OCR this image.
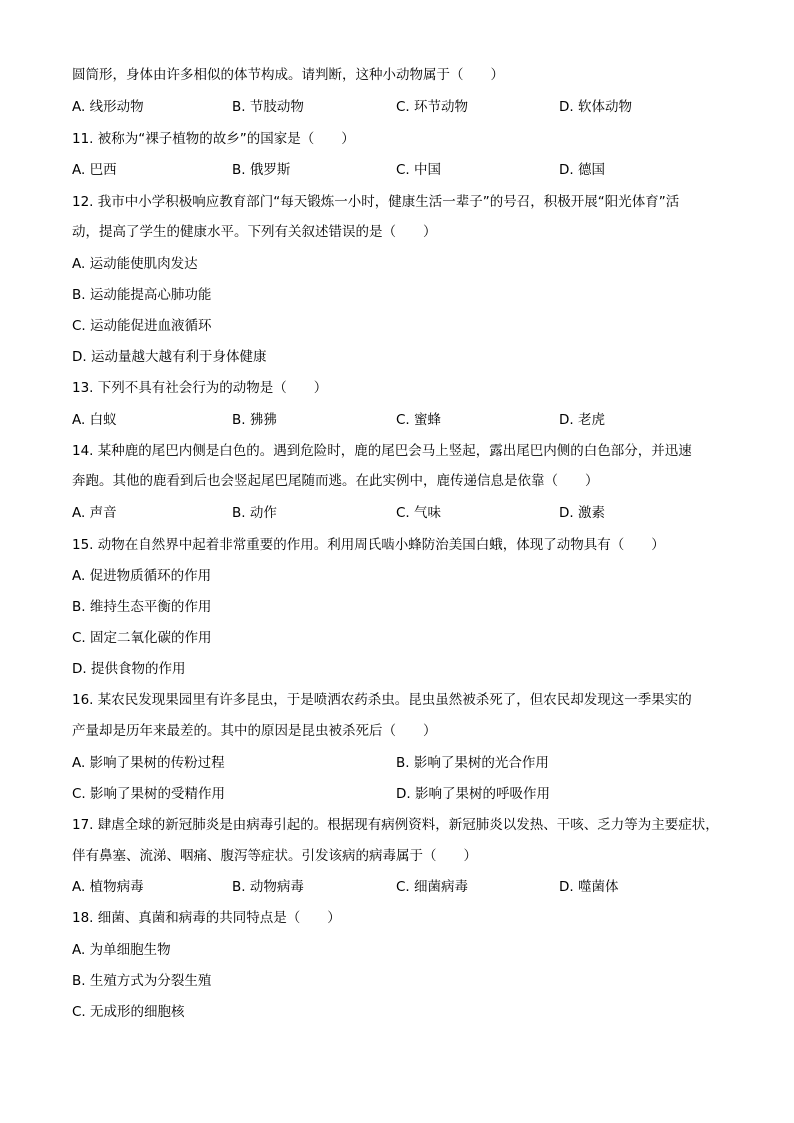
圆筒形，身体由许多相似的体节构成。请判断，这种小动物属于（　　）
A. 线形动物	B. 节肢动物	C. 环节动物	D. 软体动物
11. 被称为“裸子植物的故乡”的国家是（　　）
A. 巴西	B. 俄罗斯	C. 中国	D. 德国
12. 我市中小学积极响应教育部门“每天锻炼一小时，健康生活一辈子”的号召，积极开展“阳光体育”活
动，提高了学生的健康水平。下列有关叙述错误的是（　　）
A. 运动能使肌肉发达
B. 运动能提高心肺功能
C. 运动能促进血液循环
D. 运动量越大越有利于身体健康
13. 下列不具有社会行为的动物是（　　）
A. 白蚁	B. 狒狒	C. 蜜蜂	D. 老虎
14. 某种鹿的尾巴内侧是白色的。遇到危险时，鹿的尾巴会马上竖起，露出尾巴内侧的白色部分，并迅速
奔跑。其他的鹿看到后也会竖起尾巴尾随而逃。在此实例中，鹿传递信息是依靠（　　）
A. 声音	B. 动作	C. 气味	D. 激素
15. 动物在自然界中起着非常重要的作用。利用周氏啮小蜂防治美国白蛾，体现了动物具有（　　）
A. 促进物质循环的作用
B. 维持生态平衡的作用
C. 固定二氧化碳的作用
D. 提供食物的作用
16. 某农民发现果园里有许多昆虫，于是喷洒农药杀虫。昆虫虽然被杀死了，但农民却发现这一季果实的
产量却是历年来最差的。其中的原因是昆虫被杀死后（　　）
A. 影响了果树的传粉过程	B. 影响了果树的光合作用
C. 影响了果树的受精作用	D. 影响了果树的呼吸作用
17. 肆虐全球的新冠肺炎是由病毒引起的。根据现有病例资料，新冠肺炎以发热、干咳、乏力等为主要症状，
伴有鼻塞、流涕、咽痛、腹泻等症状。引发该病的病毒属于（　　）
A. 植物病毒	B. 动物病毒	C. 细菌病毒	D. 噬菌体
18. 细菌、真菌和病毒的共同特点是（　　）
A. 为单细胞生物
B. 生殖方式为分裂生殖
C. 无成形的细胞核
